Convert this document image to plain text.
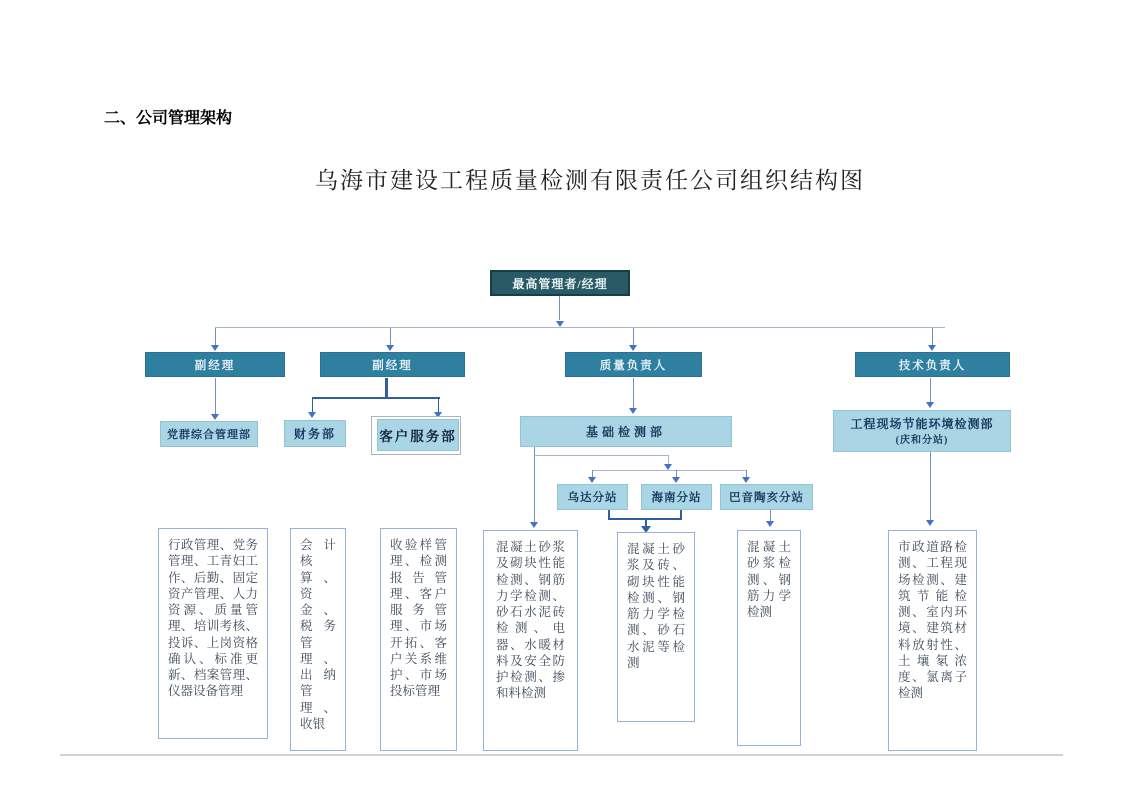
二、公司管理架构
乌海市建设工程质量检测有限责任公司组织结构图
最高管理者/经理
副经理	副经理	质量负责人	技术负责人
党群综合管理部	财务部	客户服务部	基础检测部
工程现场节能环境检测部
(庆和分站)
乌达分站	海南分站	巴音陶亥分站
行政管理、党务管理、工青妇工作、后勤、固定资产管理、人力资源、质量管理、培训考核、投诉、上岗资格确认、标准更新、档案管理、仪器设备管理
会计核算、资金、税务管理、出纳管理、收银
收验样管理、检测报告管理、客户服务管理、市场开拓、客户关系维护、市场投标管理
混凝土砂浆及砌块性能检测、钢筋力学检测、砂石水泥砖检测、电器、水暖材料及安全防护检测、掺和料检测
混凝土砂浆及砖、砌块性能检测、钢筋力学检测、砂石水泥等检测
混凝土砂浆检测、钢筋力学检测
市政道路检测、工程现场检测、建筑节能检测、室内环境、建筑材料放射性、土壤氡浓度、氯离子检测
